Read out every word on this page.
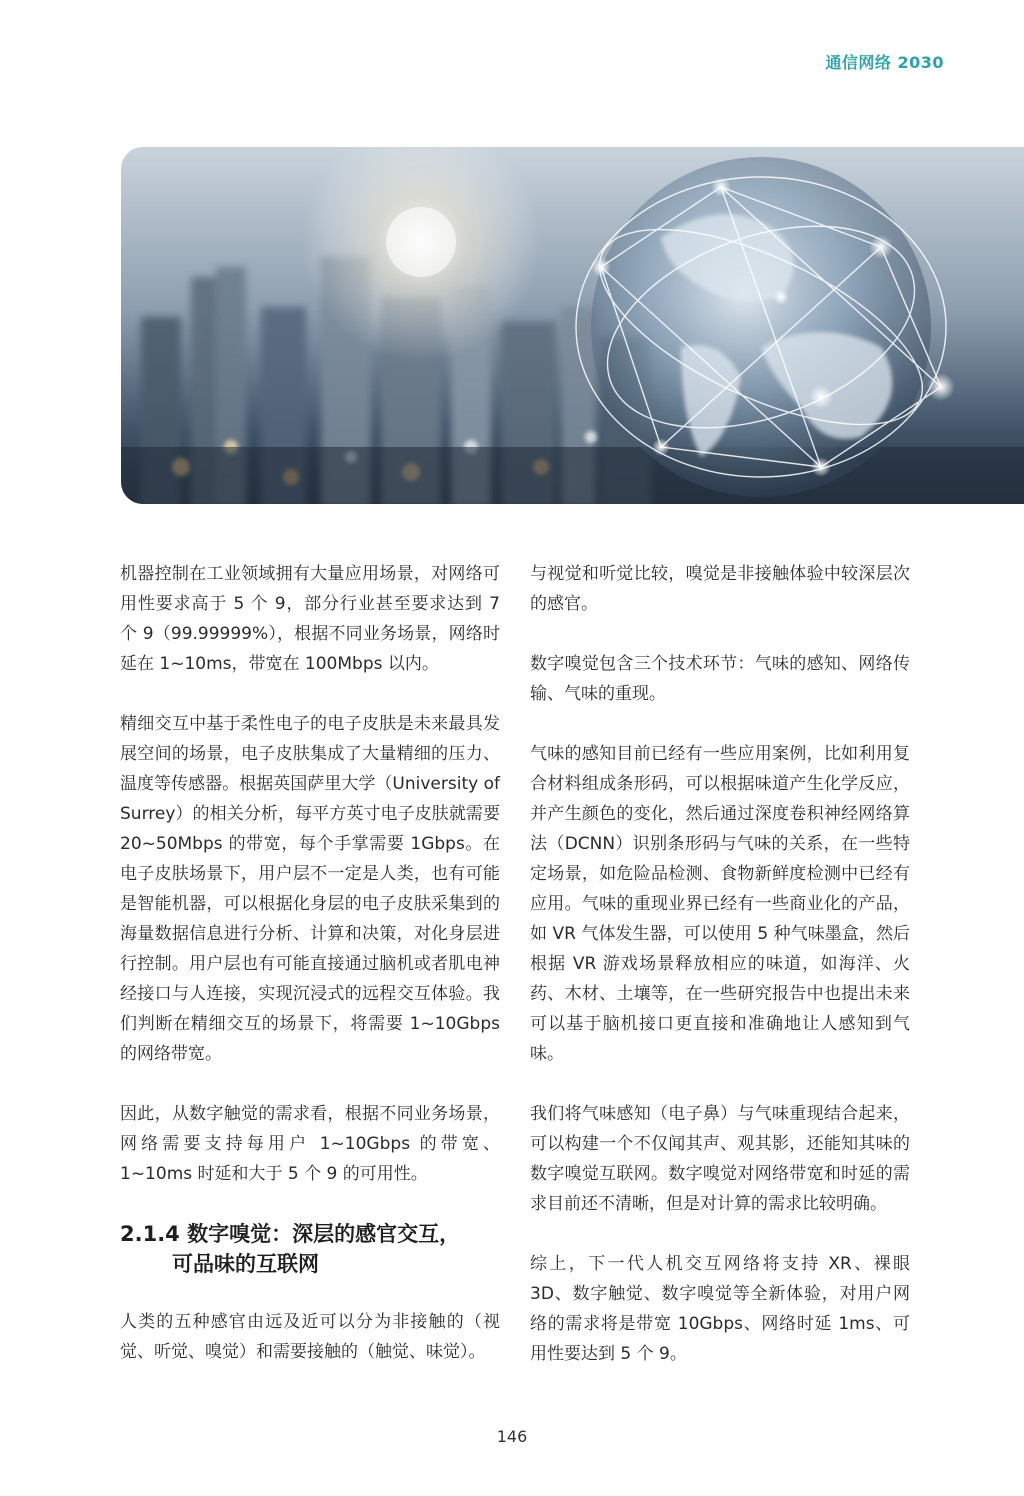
通信网络 2030

机器控制在工业领域拥有大量应用场景，对网络可用性要求高于 5 个 9，部分行业甚至要求达到 7 个 9（99.99999%），根据不同业务场景，网络时延在 1~10ms，带宽在 100Mbps 以内。

精细交互中基于柔性电子的电子皮肤是未来最具发展空间的场景，电子皮肤集成了大量精细的压力、温度等传感器。根据英国萨里大学（University of Surrey）的相关分析，每平方英寸电子皮肤就需要 20~50Mbps 的带宽，每个手掌需要 1Gbps。在电子皮肤场景下，用户层不一定是人类，也有可能是智能机器，可以根据化身层的电子皮肤采集到的海量数据信息进行分析、计算和决策，对化身层进行控制。用户层也有可能直接通过脑机或者肌电神经接口与人连接，实现沉浸式的远程交互体验。我们判断在精细交互的场景下，将需要 1~10Gbps 的网络带宽。

因此，从数字触觉的需求看，根据不同业务场景，网络需要支持每用户 1~10Gbps 的带宽、1~10ms 时延和大于 5 个 9 的可用性。

2.1.4 数字嗅觉：深层的感官交互，
可品味的互联网

人类的五种感官由远及近可以分为非接触的（视觉、听觉、嗅觉）和需要接触的（触觉、味觉）。

与视觉和听觉比较，嗅觉是非接触体验中较深层次的感官。

数字嗅觉包含三个技术环节：气味的感知、网络传输、气味的重现。

气味的感知目前已经有一些应用案例，比如利用复合材料组成条形码，可以根据味道产生化学反应，并产生颜色的变化，然后通过深度卷积神经网络算法（DCNN）识别条形码与气味的关系，在一些特定场景，如危险品检测、食物新鲜度检测中已经有应用。气味的重现业界已经有一些商业化的产品，如 VR 气体发生器，可以使用 5 种气味墨盒，然后根据 VR 游戏场景释放相应的味道，如海洋、火药、木材、土壤等，在一些研究报告中也提出未来可以基于脑机接口更直接和准确地让人感知到气味。

我们将气味感知（电子鼻）与气味重现结合起来，可以构建一个不仅闻其声、观其影，还能知其味的数字嗅觉互联网。数字嗅觉对网络带宽和时延的需求目前还不清晰，但是对计算的需求比较明确。

综上，下一代人机交互网络将支持 XR、裸眼 3D、数字触觉、数字嗅觉等全新体验，对用户网络的需求将是带宽 10Gbps、网络时延 1ms、可用性要达到 5 个 9。

146
